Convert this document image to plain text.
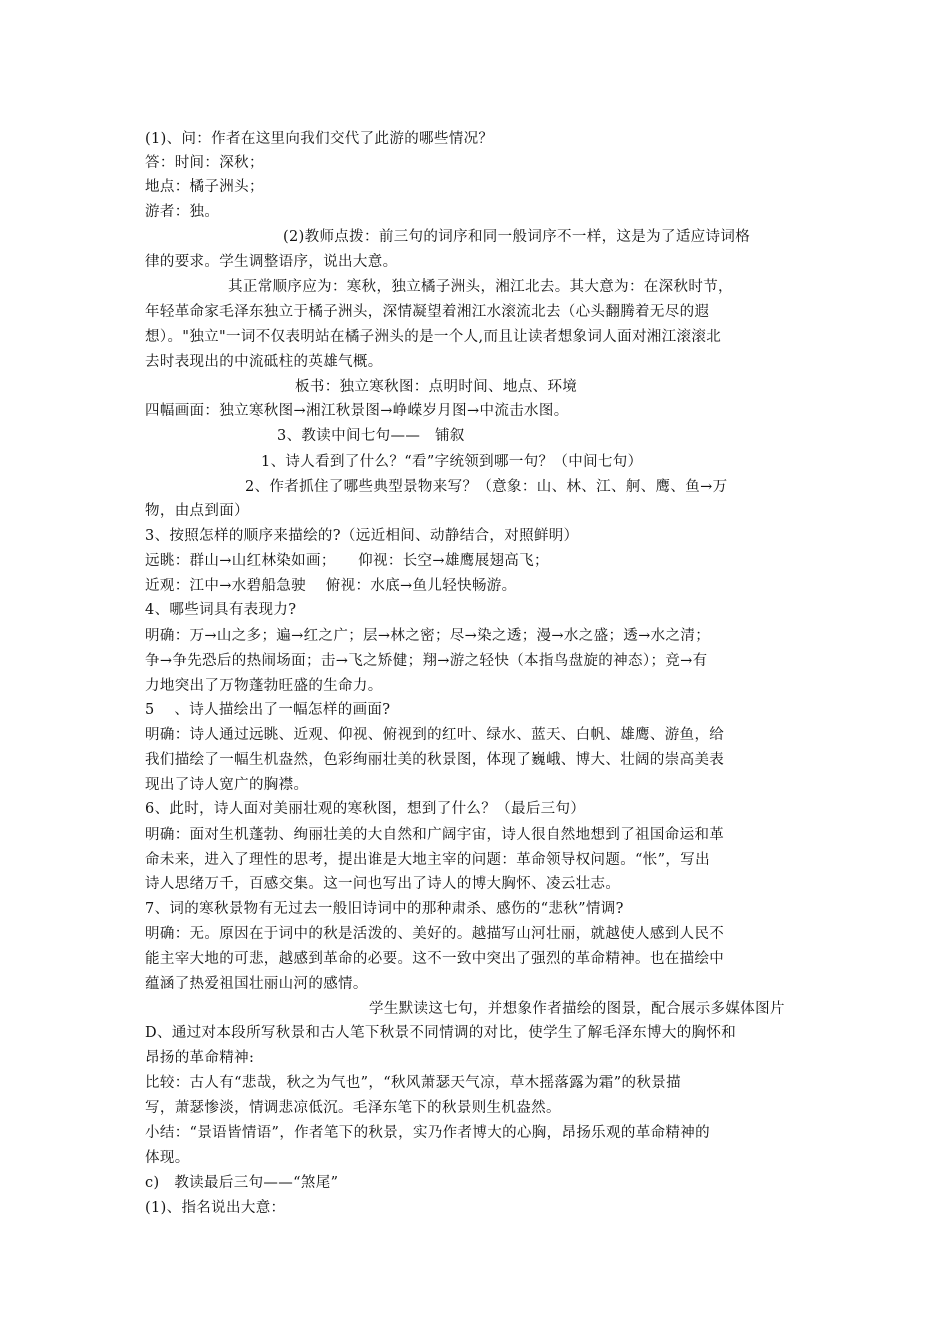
(1)、问：作者在这里向我们交代了此游的哪些情况？
答：时间：深秋；
地点：橘子洲头；
游者：独。
(2)教师点拨：前三句的词序和同一般词序不一样，这是为了适应诗词格
律的要求。学生调整语序，说出大意。
其正常顺序应为：寒秋，独立橘子洲头，湘江北去。其大意为：在深秋时节，
年轻革命家毛泽东独立于橘子洲头，深情凝望着湘江水滚流北去（心头翻腾着无尽的遐
想）。"独立"一词不仅表明站在橘子洲头的是一个人,而且让读者想象词人面对湘江滚滚北
去时表现出的中流砥柱的英雄气概。
板书：独立寒秋图：点明时间、地点、环境
四幅画面：独立寒秋图→湘江秋景图→峥嵘岁月图→中流击水图。
3、教读中间七句——　铺叙
1、诗人看到了什么？“看”字统领到哪一句？（中间七句）
2、作者抓住了哪些典型景物来写？（意象：山、林、江、舸、鹰、鱼→万
物，由点到面）
3、按照怎样的顺序来描绘的?（远近相间、动静结合，对照鲜明）
远眺：群山→山红林染如画；　　仰视：长空→雄鹰展翅高飞；
近观：江中→水碧船急驶　 俯视：水底→鱼儿轻快畅游。
4、哪些词具有表现力?
明确：万→山之多；遍→红之广；层→林之密；尽→染之透；漫→水之盛；透→水之清；
争→争先恐后的热闹场面；击→飞之矫健；翔→游之轻快（本指鸟盘旋的神态）；竞→有
力地突出了万物蓬勃旺盛的生命力。
5　 、诗人描绘出了一幅怎样的画面?
明确：诗人通过远眺、近观、仰视、俯视到的红叶、绿水、蓝天、白帆、雄鹰、游鱼，给
我们描绘了一幅生机盎然，色彩绚丽壮美的秋景图，体现了巍峨、博大、壮阔的崇高美表
现出了诗人宽广的胸襟。
6、此时，诗人面对美丽壮观的寒秋图，想到了什么？（最后三句）
明确：面对生机蓬勃、绚丽壮美的大自然和广阔宇宙，诗人很自然地想到了祖国命运和革
命未来，进入了理性的思考，提出谁是大地主宰的问题：革命领导权问题。“怅”，写出
诗人思绪万千，百感交集。这一问也写出了诗人的博大胸怀、凌云壮志。
7、词的寒秋景物有无过去一般旧诗词中的那种肃杀、感伤的“悲秋”情调?
明确：无。原因在于词中的秋是活泼的、美好的。越描写山河壮丽，就越使人感到人民不
能主宰大地的可悲，越感到革命的必要。这不一致中突出了强烈的革命精神。也在描绘中
蕴涵了热爱祖国壮丽山河的感情。
学生默读这七句，并想象作者描绘的图景，配合展示多媒体图片
D、通过对本段所写秋景和古人笔下秋景不同情调的对比，使学生了解毛泽东博大的胸怀和
昂扬的革命精神:
比较：古人有“悲哉，秋之为气也”，“秋风萧瑟天气凉，草木摇落露为霜”的秋景描
写，萧瑟惨淡，情调悲凉低沉。毛泽东笔下的秋景则生机盎然。
小结：“景语皆情语”，作者笔下的秋景，实乃作者博大的心胸，昂扬乐观的革命精神的
体现。
c)　教读最后三句——“煞尾”
(1)、指名说出大意：
